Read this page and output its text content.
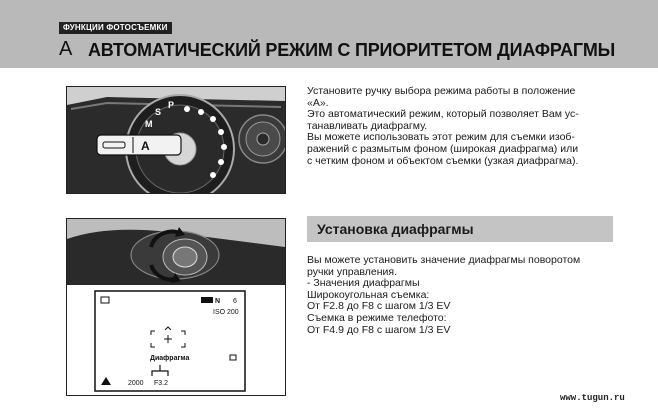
ФУНКЦИИ ФОТОСЪЕМКИ
A АВТОМАТИЧЕСКИЙ РЕЖИМ С ПРИОРИТЕТОМ ДИАФРАГМЫ
M
S
P
A
Установите ручку выбора режима работы в положение
«A».
Это автоматический режим, который позволяет Вам ус-
танавливать диафрагму.
Вы можете использовать этот режим для съемки изоб-
ражений с размытым фоном (широкая диафрагма) или
с четким фоном и объектом съемки (узкая диафрагма).
N 6
ISO 200
Диафрагма
2000 F3.2
Установка диафрагмы
Вы можете установить значение диафрагмы поворотом
ручки управления.
- Значения диафрагмы
Широкоугольная съемка:
От F2.8 до F8 с шагом 1/3 EV
Съемка в режиме телефото:
От F4.9 до F8 с шагом 1/3 EV
www.tugun.ru
